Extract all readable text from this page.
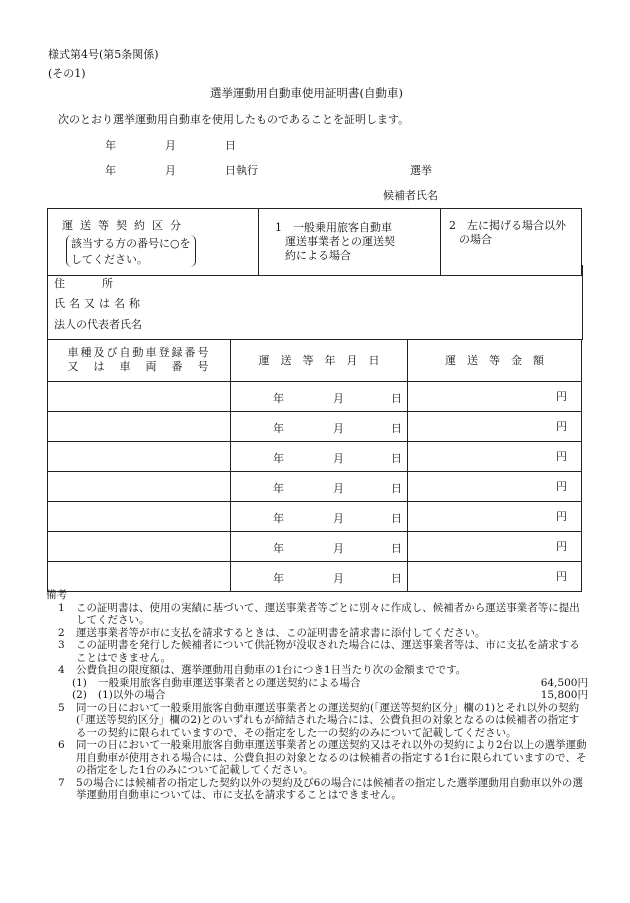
様式第4号(第5条関係)
(その1)
選挙運動用自動車使用証明書(自動車)
次のとおり選挙運動用自動車を使用したものであることを証明します。
年	月	日
年	月	日執行	選挙
候補者氏名
運送等契約区分
該当する方の番号に○を
してください。

1　一般乗用旅客自動車
運送事業者との運送契
約による場合

2　左に掲げる場合以外
の場合
住　　　所
氏名又は名称
法人の代表者氏名
車種及び自動車登録番号
又　は　車　両　番　号	運　送　等　年　月　日	運　送　等　金　額

	年 月 日	円

	年 月 日	円

	年 月 日	円

	年 月 日	円

	年 月 日	円

	年 月 日	円

	年 月 日	円
備考
1	この証明書は、使用の実績に基づいて、運送事業者等ごとに別々に作成し、候補者から運送事業者等に提出してください。
2	運送事業者等が市に支払を請求するときは、この証明書を請求書に添付してください。
3	この証明書を発行した候補者について供託物が没収された場合には、運送事業者等は、市に支払を請求することはできません。
4	公費負担の限度額は、選挙運動用自動車の1台につき1日当たり次の金額までです。
(1)	一般乗用旅客自動車運送事業者との運送契約による場合	64,500円
(2)	(1)以外の場合	15,800円
5	同一の日において一般乗用旅客自動車運送事業者との運送契約(「運送等契約区分」欄の1)とそれ以外の契約(「運送等契約区分」欄の2)とのいずれもが締結された場合には、公費負担の対象となるのは候補者の指定する一の契約に限られていますので、その指定をした一の契約のみについて記載してください。
6	同一の日において一般乗用旅客自動車運送事業者との運送契約又はそれ以外の契約により2台以上の選挙運動用自動車が使用される場合には、公費負担の対象となるのは候補者の指定する1台に限られていますので、その指定をした1台のみについて記載してください。
7	5の場合には候補者の指定した契約以外の契約及び6の場合には候補者の指定した選挙運動用自動車以外の選挙運動用自動車については、市に支払を請求することはできません。
